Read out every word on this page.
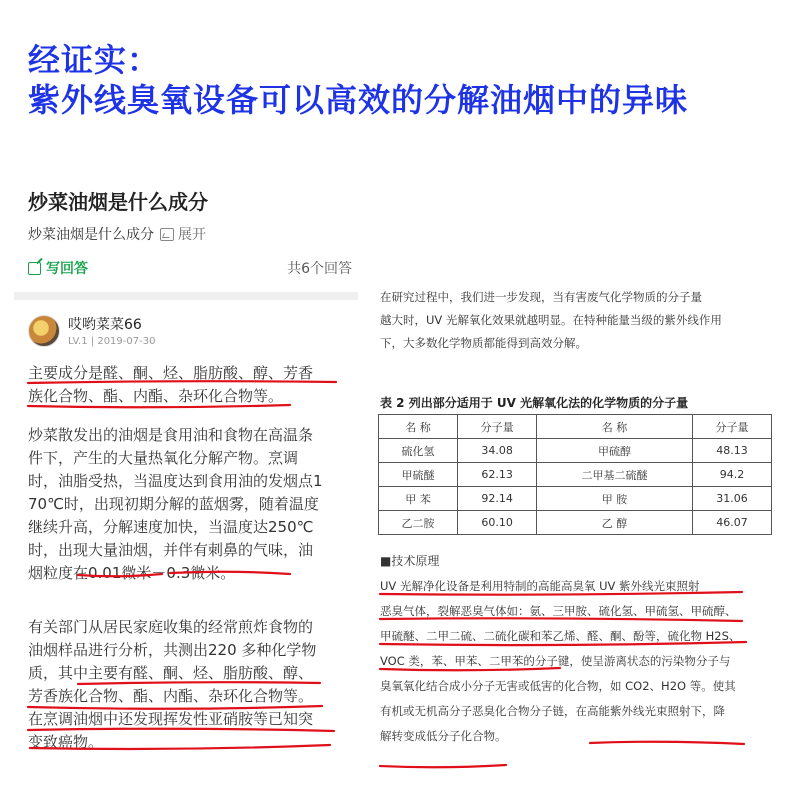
经证实：
紫外线臭氧设备可以高效的分解油烟中的异味
炒菜油烟是什么成分
炒菜油烟是什么成分 展开
写回答	共6个回答
哎哟菜菜66
LV.1 | 2019-07-30

主要成分是醛、酮、烃、脂肪酸、醇、芳香
族化合物、酯、内酯、杂环化合物等。

炒菜散发出的油烟是食用油和食物在高温条
件下，产生的大量热氧化分解产物。烹调
时，油脂受热，当温度达到食用油的发烟点1
70℃时，出现初期分解的蓝烟雾，随着温度
继续升高，分解速度加快，当温度达250℃
时，出现大量油烟，并伴有刺鼻的气味，油
烟粒度在0.01微米－0.3微米。

有关部门从居民家庭收集的经常煎炸食物的
油烟样品进行分析，共测出220 多种化学物
质，其中主要有醛、酮、烃、脂肪酸、醇、
芳香族化合物、酯、内酯、杂环化合物等。
在烹调油烟中还发现挥发性亚硝胺等已知突
变致癌物。

在研究过程中，我们进一步发现，当有害废气化学物质的分子量
越大时，UV 光解氧化效果就越明显。在特种能量当级的紫外线作用
下，大多数化学物质都能得到高效分解。

表 2 列出部分适用于 UV 光解氧化法的化学物质的分子量
名 称	分子量	名 称	分子量
硫化氢	34.08	甲硫醇	48.13
甲硫醚	62.13	二甲基二硫醚	94.2
甲 苯	92.14	甲 胺	31.06
乙二胺	60.10	乙 醇	46.07
■技术原理

UV 光解净化设备是利用特制的高能高臭氧 UV 紫外线光束照射
恶臭气体，裂解恶臭气体如：氨、三甲胺、硫化氢、甲硫氢、甲硫醇、
甲硫醚、二甲二硫、二硫化碳和苯乙烯、醛、酮、酚等，硫化物 H2S、
VOC 类，苯、甲苯、二甲苯的分子键，使呈游离状态的污染物分子与
臭氧氧化结合成小分子无害或低害的化合物，如 CO2、H2O 等。使其
有机或无机高分子恶臭化合物分子链，在高能紫外线光束照射下，降
解转变成低分子化合物。
